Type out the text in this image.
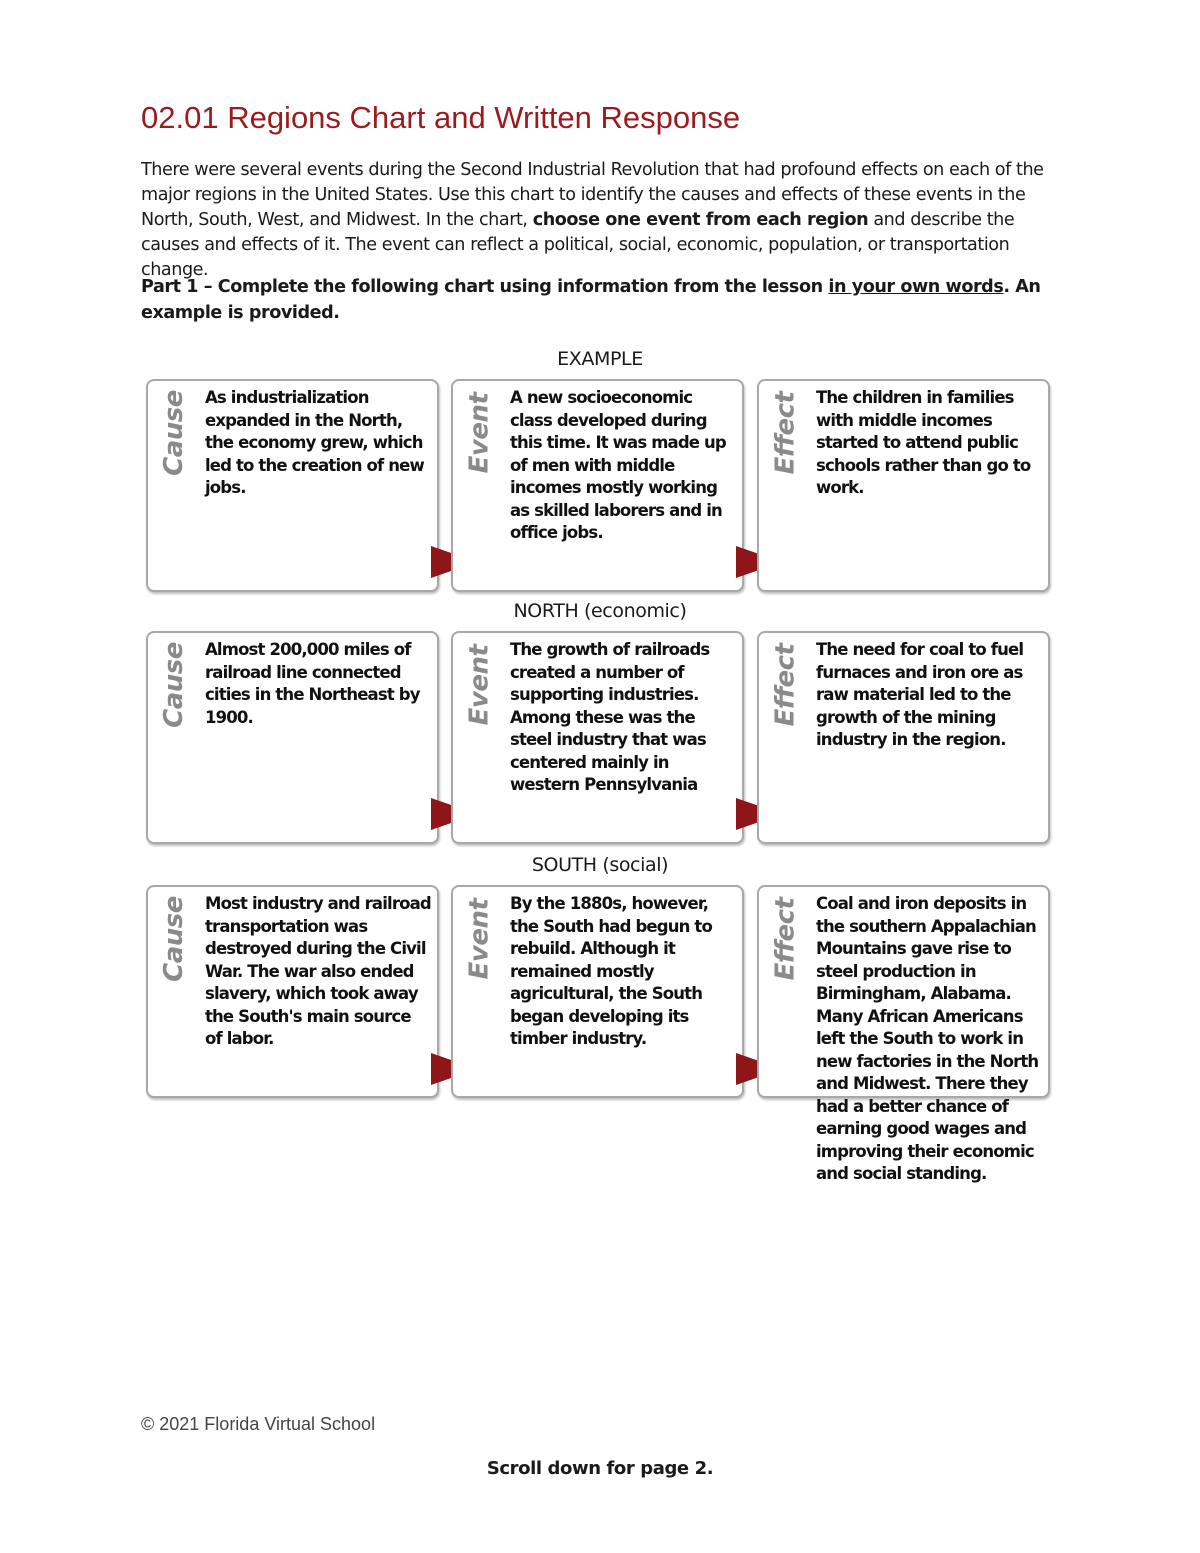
02.01 Regions Chart and Written Response

There were several events during the Second Industrial Revolution that had profound effects on each of the major regions in the United States. Use this chart to identify the causes and effects of these events in the North, South, West, and Midwest. In the chart, choose one event from each region and describe the causes and effects of it. The event can reflect a political, social, economic, population, or transportation change.

Part 1 – Complete the following chart using information from the lesson in your own words. An example is provided.

EXAMPLE
Cause As industrialization expanded in the North, the economy grew, which led to the creation of new jobs.
Event A new socioeconomic class developed during this time. It was made up of men with middle incomes mostly working as skilled laborers and in office jobs.
Effect The children in families with middle incomes started to attend public schools rather than go to work.
NORTH (economic)
Cause Almost 200,000 miles of railroad line connected cities in the Northeast by 1900.	Event The growth of railroads created a number of supporting industries. Among these was the steel industry that was centered mainly in western Pennsylvania
Effect The need for coal to fuel furnaces and iron ore as raw material led to the growth of the mining industry in the region.
SOUTH (social)
Cause Most industry and railroad transportation was destroyed during the Civil War. The war also ended slavery, which took away the South's main source of labor.
Event By the 1880s, however, the South had begun to rebuild. Although it remained mostly agricultural, the South began developing its timber industry.
Effect Coal and iron deposits in the southern Appalachian Mountains gave rise to steel production in Birmingham, Alabama. Many African Americans left the South to work in new factories in the North and Midwest. There they had a better chance of earning good wages and improving their economic and social standing.
© 2021 Florida Virtual School
Scroll down for page 2.
